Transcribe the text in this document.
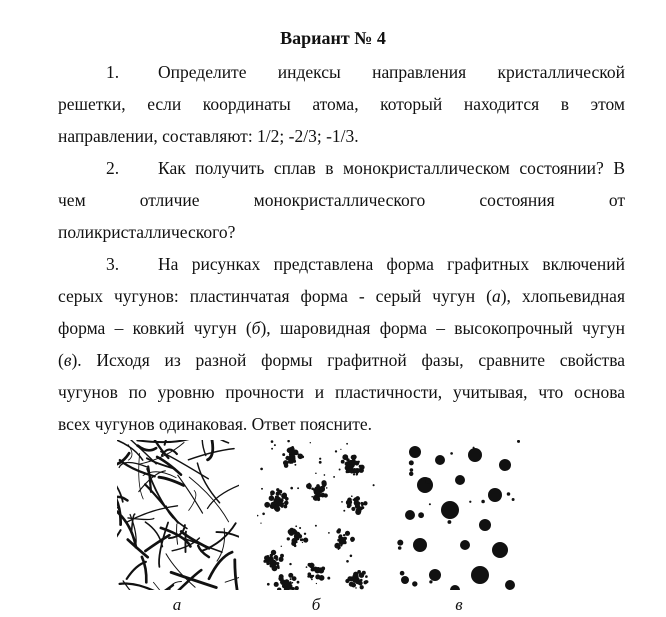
Вариант № 4
1. Определите индексы направления кристаллической
решетки, если координаты атома, который находится в этом
направлении, составляют: 1/2; -2/3; -1/3.
2. Как получить сплав в монокристаллическом состоянии? В
чем отличие монокристаллического состояния от
поликристаллического?
3. На рисунках представлена форма графитных включений
серых чугунов: пластинчатая форма - серый чугун (а), хлопьевидная
форма – ковкий чугун (б), шаровидная форма – высокопрочный чугун
(в). Исходя из разной формы графитной фазы, сравните свойства
чугунов по уровню прочности и пластичности, учитывая, что основа
всех чугунов одинаковая. Ответ поясните.
а	б	в
